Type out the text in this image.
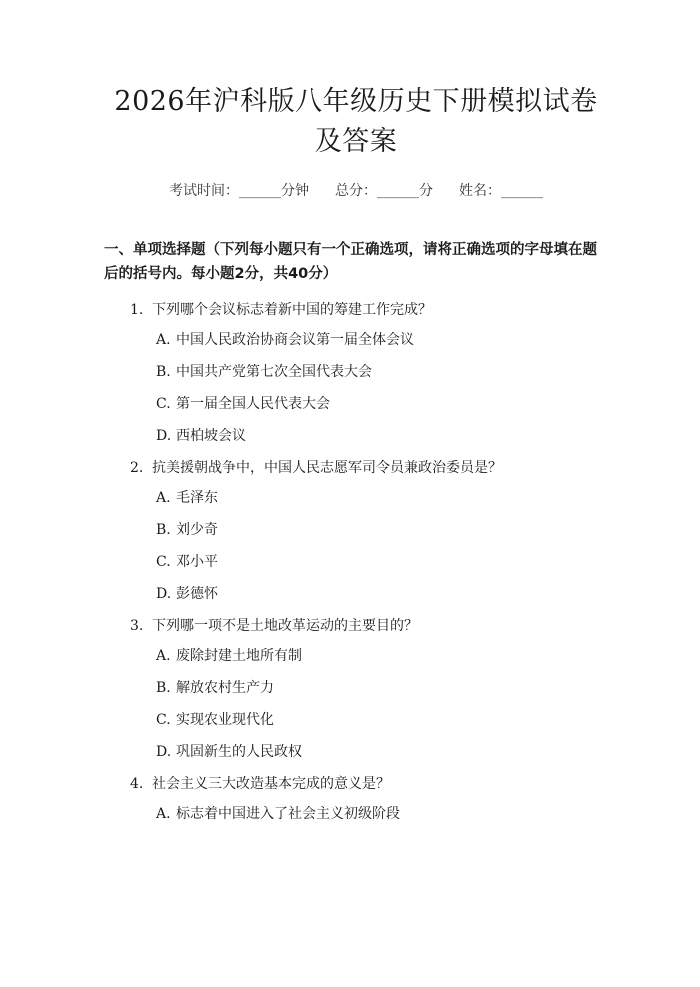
2026年沪科版八年级历史下册模拟试卷及答案
考试时间：______分钟 总分：______分 姓名：______
一、单项选择题（下列每小题只有一个正确选项，请将正确选项的字母填在题后的括号内。每小题2分，共40分）
1. 下列哪个会议标志着新中国的筹建工作完成？
A. 中国人民政治协商会议第一届全体会议
B. 中国共产党第七次全国代表大会
C. 第一届全国人民代表大会
D. 西柏坡会议
2. 抗美援朝战争中，中国人民志愿军司令员兼政治委员是？
A. 毛泽东
B. 刘少奇
C. 邓小平
D. 彭德怀
3. 下列哪一项不是土地改革运动的主要目的？
A. 废除封建土地所有制
B. 解放农村生产力
C. 实现农业现代化
D. 巩固新生的人民政权
4. 社会主义三大改造基本完成的意义是？
A. 标志着中国进入了社会主义初级阶段
